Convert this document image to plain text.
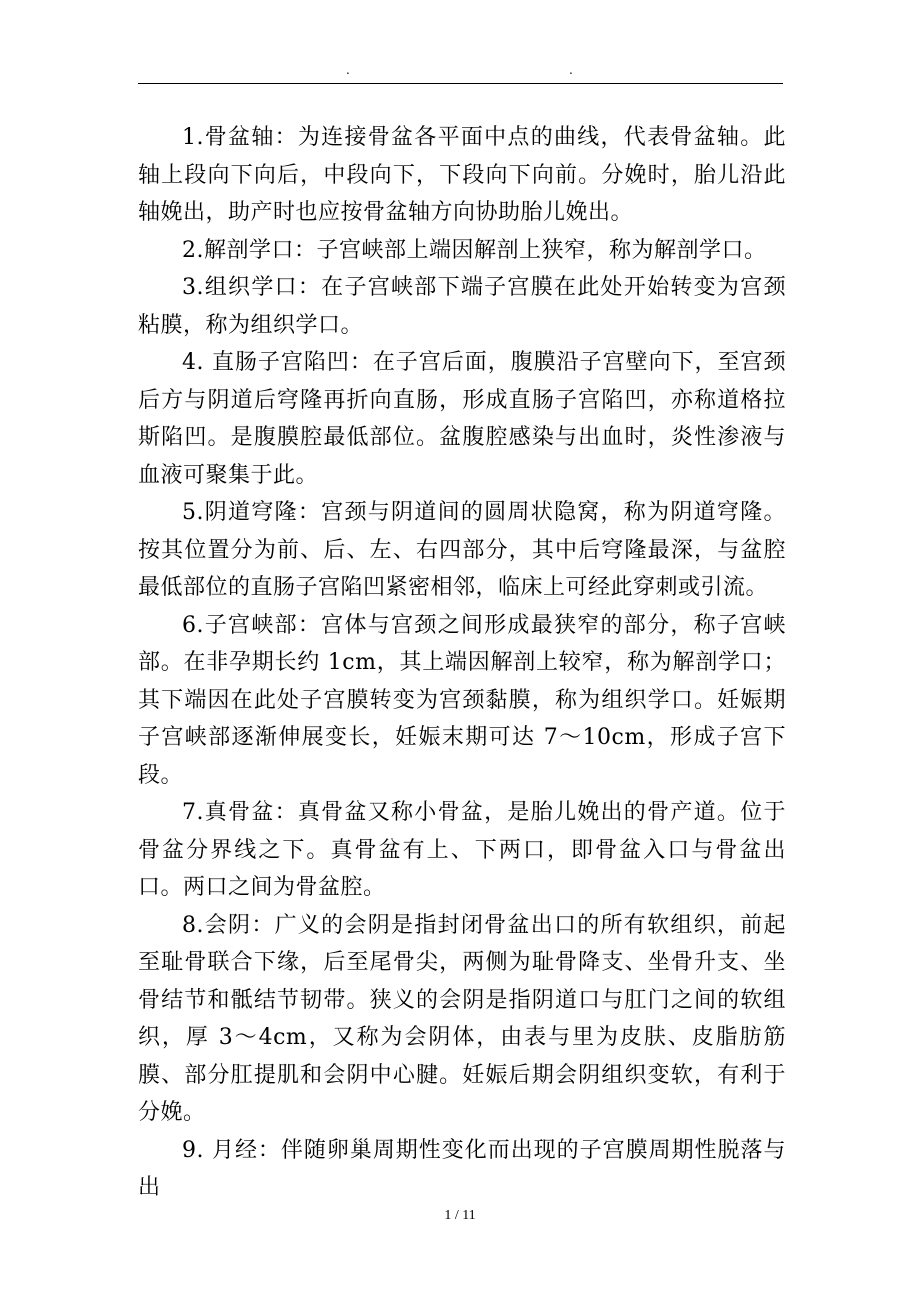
.	.

1.骨盆轴：为连接骨盆各平面中点的曲线，代表骨盆轴。此轴上段向下向后，中段向下，下段向下向前。分娩时，胎儿沿此轴娩出，助产时也应按骨盆轴方向协助胎儿娩出。

2.解剖学口：子宫峡部上端因解剖上狭窄，称为解剖学口。

3.组织学口：在子宫峡部下端子宫膜在此处开始转变为宫颈粘膜，称为组织学口。

4. 直肠子宫陷凹：在子宫后面，腹膜沿子宫壁向下，至宫颈后方与阴道后穹隆再折向直肠，形成直肠子宫陷凹，亦称道格拉斯陷凹。是腹膜腔最低部位。盆腹腔感染与出血时，炎性渗液与血液可聚集于此。

5.阴道穹隆：宫颈与阴道间的圆周状隐窝，称为阴道穹隆。按其位置分为前、后、左、右四部分，其中后穹隆最深，与盆腔最低部位的直肠子宫陷凹紧密相邻，临床上可经此穿刺或引流。

6.子宫峡部：宫体与宫颈之间形成最狭窄的部分，称子宫峡部。在非孕期长约 1cm，其上端因解剖上较窄，称为解剖学口；其下端因在此处子宫膜转变为宫颈黏膜，称为组织学口。妊娠期子宫峡部逐渐伸展变长，妊娠末期可达 7～10cm，形成子宫下段。

7.真骨盆：真骨盆又称小骨盆，是胎儿娩出的骨产道。位于骨盆分界线之下。真骨盆有上、下两口，即骨盆入口与骨盆出口。两口之间为骨盆腔。

8.会阴：广义的会阴是指封闭骨盆出口的所有软组织，前起至耻骨联合下缘，后至尾骨尖，两侧为耻骨降支、坐骨升支、坐骨结节和骶结节韧带。狭义的会阴是指阴道口与肛门之间的软组织，厚 3～4cm，又称为会阴体，由表与里为皮肤、皮脂肪筋膜、部分肛提肌和会阴中心腱。妊娠后期会阴组织变软，有利于分娩。

9. 月经：伴随卵巢周期性变化而出现的子宫膜周期性脱落与出

1 / 11
